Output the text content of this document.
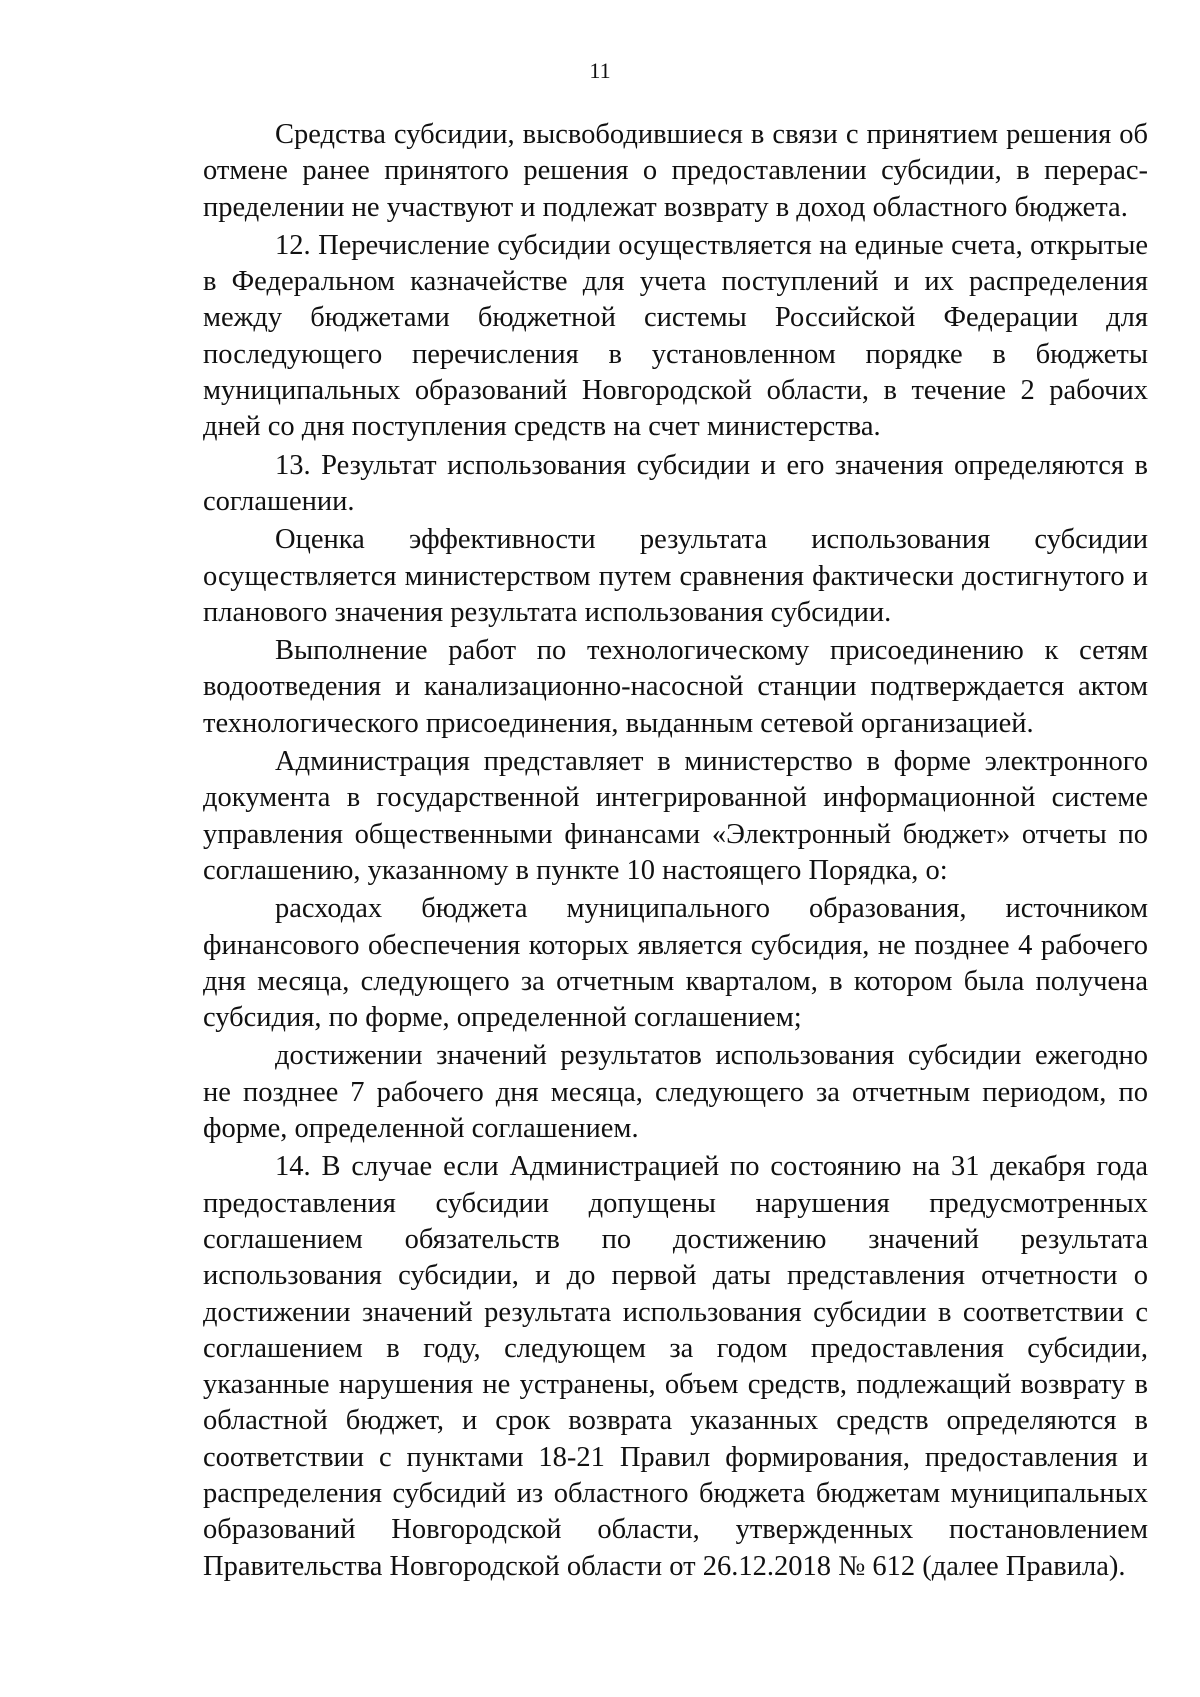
11

Средства субсидии, высвободившиеся в связи с принятием решения об отмене ранее принятого решения о предоставлении субсидии, в перераспределении не участвуют и подлежат возврату в доход областного бюджета.

12. Перечисление субсидии осуществляется на единые счета, открытые в Федеральном казначействе для учета поступлений и их распределения между бюджетами бюджетной системы Российской Федерации для последующего перечисления в установленном порядке в бюджеты муниципальных образований Новгородской области, в течение 2 рабочих дней со дня поступления средств на счет министерства.

13. Результат использования субсидии и его значения определяются в соглашении.

Оценка эффективности результата использования субсидии осуществляется министерством путем сравнения фактически достигнутого и планового значения результата использования субсидии.

Выполнение работ по технологическому присоединению к сетям водоотведения и канализационно-насосной станции подтверждается актом технологического присоединения, выданным сетевой организацией.

Администрация представляет в министерство в форме электронного документа в государственной интегрированной информационной системе управления общественными финансами «Электронный бюджет» отчеты по соглашению, указанному в пункте 10 настоящего Порядка, о:

расходах бюджета муниципального образования, источником финансового обеспечения которых является субсидия, не позднее 4 рабочего дня месяца, следующего за отчетным кварталом, в котором была получена субсидия, по форме, определенной соглашением;

достижении значений результатов использования субсидии ежегодно не позднее 7 рабочего дня месяца, следующего за отчетным периодом, по форме, определенной соглашением.

14. В случае если Администрацией по состоянию на 31 декабря года предоставления субсидии допущены нарушения предусмотренных соглашением обязательств по достижению значений результата использования субсидии, и до первой даты представления отчетности о достижении значений результата использования субсидии в соответствии с соглашением в году, следующем за годом предоставления субсидии, указанные нарушения не устранены, объем средств, подлежащий возврату в областной бюджет, и срок возврата указанных средств определяются в соответствии с пунктами 18-21 Правил формирования, предоставления и распределения субсидий из областного бюджета бюджетам муниципальных образований Новгородской области, утвержденных постановлением Правительства Новгородской области от 26.12.2018 № 612 (далее Правила).
